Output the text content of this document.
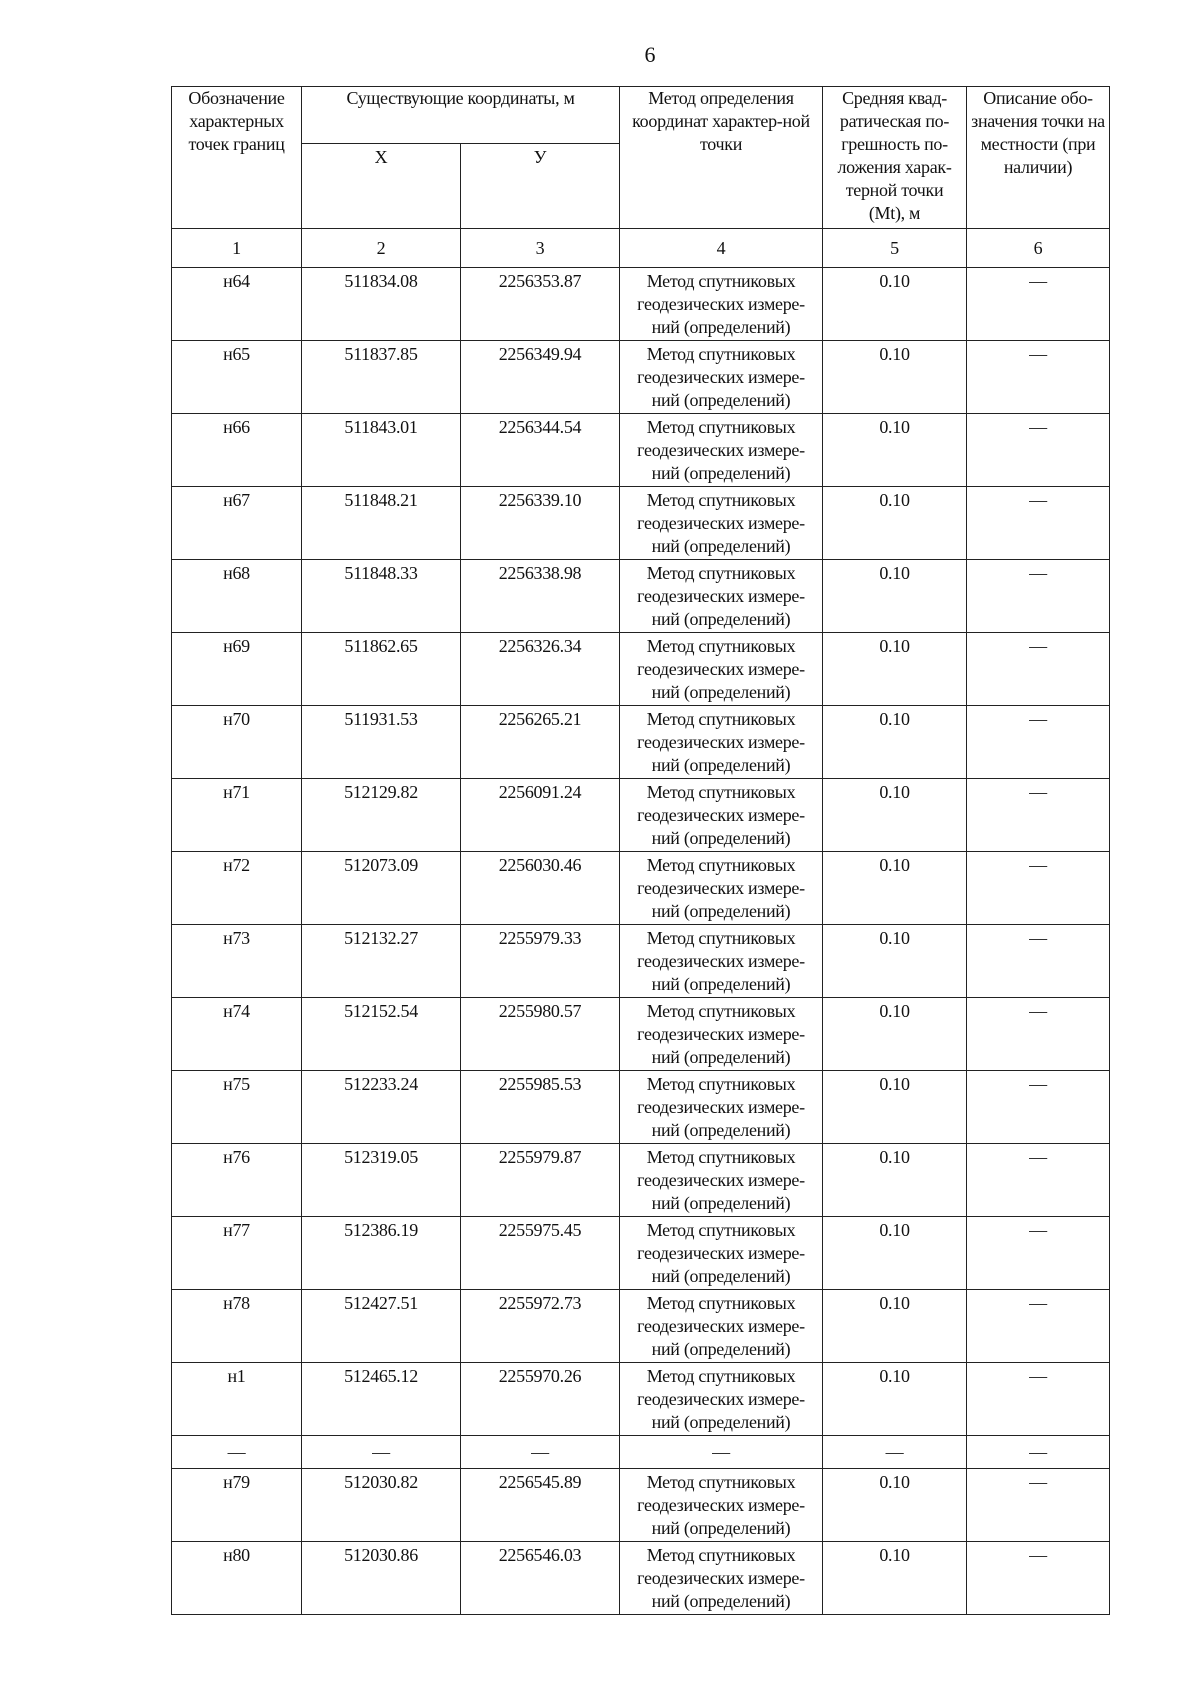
6
Обозначение характерных точек границ	Существующие координаты, м		Метод определения координат характер-ной точки	Средняя квад-ратическая по-грешность по-ложения харак-терной точки (Mt), м	Описание обо-значения точки на местности (при наличии)
	X	У			
1	2	3	4	5	6
н64	511834.08	2256353.87	Метод спутниковых геодезических измере-ний (определений)	0.10	—
н65	511837.85	2256349.94	Метод спутниковых геодезических измере-ний (определений)	0.10	—
н66	511843.01	2256344.54	Метод спутниковых геодезических измере-ний (определений)	0.10	—
н67	511848.21	2256339.10	Метод спутниковых геодезических измере-ний (определений)	0.10	—
н68	511848.33	2256338.98	Метод спутниковых геодезических измере-ний (определений)	0.10	—
н69	511862.65	2256326.34	Метод спутниковых геодезических измере-ний (определений)	0.10	—
н70	511931.53	2256265.21	Метод спутниковых геодезических измере-ний (определений)	0.10	—
н71	512129.82	2256091.24	Метод спутниковых геодезических измере-ний (определений)	0.10	—
н72	512073.09	2256030.46	Метод спутниковых геодезических измере-ний (определений)	0.10	—
н73	512132.27	2255979.33	Метод спутниковых геодезических измере-ний (определений)	0.10	—
н74	512152.54	2255980.57	Метод спутниковых геодезических измере-ний (определений)	0.10	—
н75	512233.24	2255985.53	Метод спутниковых геодезических измере-ний (определений)	0.10	—
н76	512319.05	2255979.87	Метод спутниковых геодезических измере-ний (определений)	0.10	—
н77	512386.19	2255975.45	Метод спутниковых геодезических измере-ний (определений)	0.10	—
н78	512427.51	2255972.73	Метод спутниковых геодезических измере-ний (определений)	0.10	—
н1	512465.12	2255970.26	Метод спутниковых геодезических измере-ний (определений)	0.10	—
—	—	—	—	—	—
н79	512030.82	2256545.89	Метод спутниковых геодезических измере-ний (определений)	0.10	—
н80	512030.86	2256546.03	Метод спутниковых геодезических измере-ний (определений)	0.10	—
